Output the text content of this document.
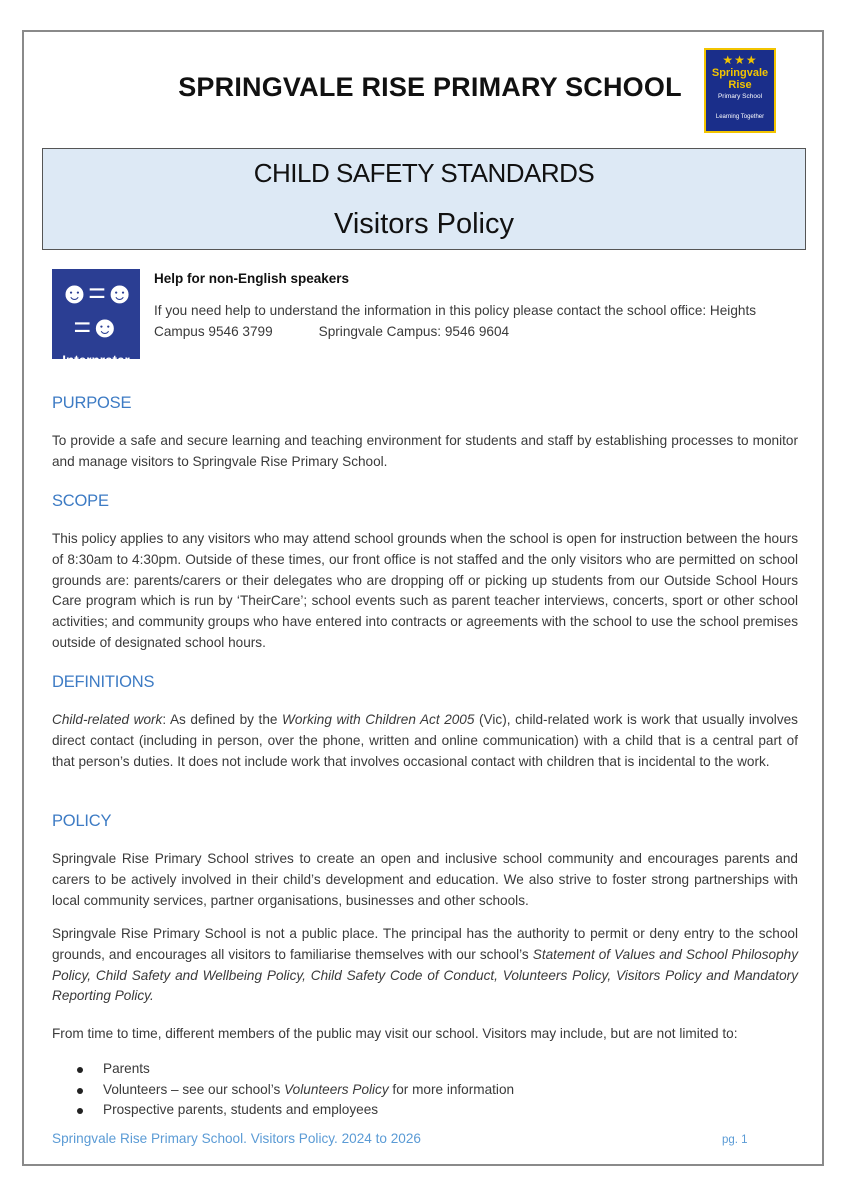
SPRINGVALE RISE PRIMARY SCHOOL
★★★
Springvale
Rise
Primary School
Learning Together
CHILD SAFETY STANDARDS
Visitors Policy
☻=☻=☻
Interpreter
Help for non-English speakers
If you need help to understand the information in this policy please contact the school office: Heights Campus 9546 3799	Springvale Campus: 9546 9604
PURPOSE
To provide a safe and secure learning and teaching environment for students and staff by establishing processes to monitor and manage visitors to Springvale Rise Primary School.
SCOPE
This policy applies to any visitors who may attend school grounds when the school is open for instruction between the hours of 8:30am to 4:30pm. Outside of these times, our front office is not staffed and the only visitors who are permitted on school grounds are: parents/carers or their delegates who are dropping off or picking up students from our Outside School Hours Care program which is run by ‘TheirCare’; school events such as parent teacher interviews, concerts, sport or other school activities; and community groups who have entered into contracts or agreements with the school to use the school premises outside of designated school hours.
DEFINITIONS
Child-related work: As defined by the Working with Children Act 2005 (Vic), child-related work is work that usually involves direct contact (including in person, over the phone, written and online communication) with a child that is a central part of that person’s duties. It does not include work that involves occasional contact with children that is incidental to the work.
POLICY
Springvale Rise Primary School strives to create an open and inclusive school community and encourages parents and carers to be actively involved in their child’s development and education. We also strive to foster strong partnerships with local community services, partner organisations, businesses and other schools.
Springvale Rise Primary School is not a public place. The principal has the authority to permit or deny entry to the school grounds, and encourages all visitors to familiarise themselves with our school’s Statement of Values and School Philosophy Policy, Child Safety and Wellbeing Policy, Child Safety Code of Conduct, Volunteers Policy, Visitors Policy and Mandatory Reporting Policy.
From time to time, different members of the public may visit our school. Visitors may include, but are not limited to:
Parents
Volunteers – see our school’s Volunteers Policy for more information
Prospective parents, students and employees
Springvale Rise Primary School. Visitors Policy. 2024 to 2026	pg. 1
